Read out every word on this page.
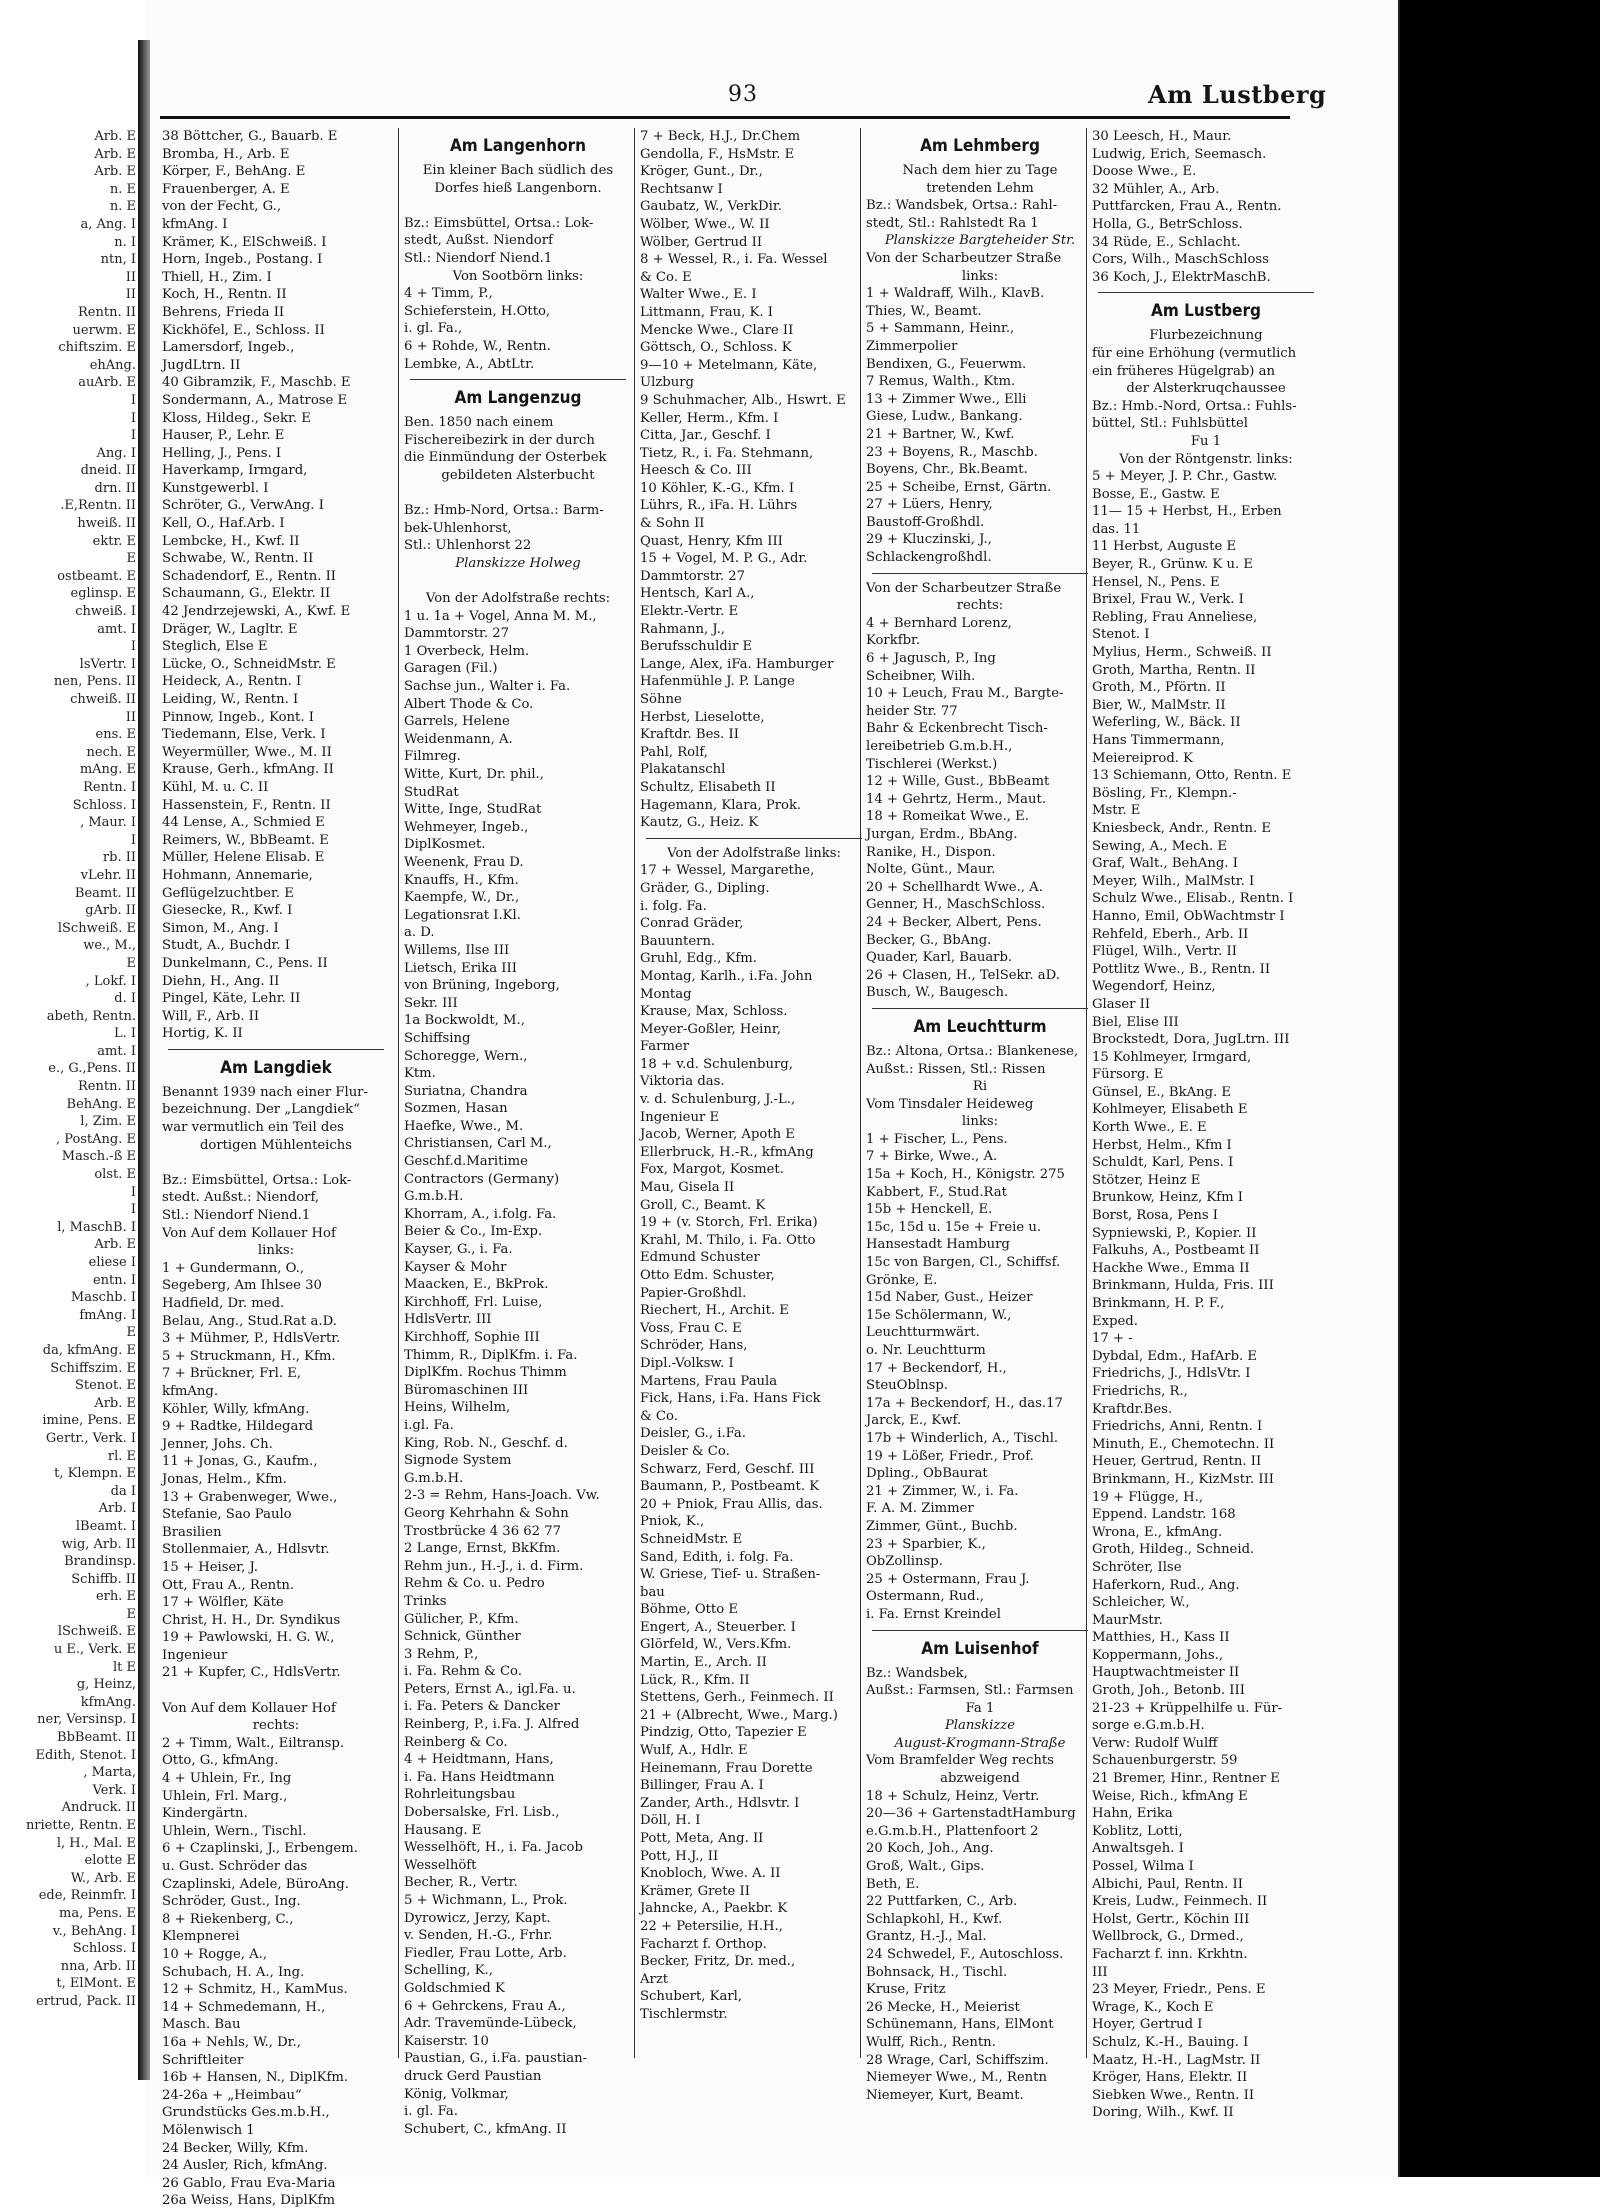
Arb. E
Arb. E
Arb. E
n. E
n. E
a, Ang. I
n. I
ntn, I
II
II
Rentn. II
uerwm. E
chiftszim. E
ehAng.
auArb. E
I
I
I
Ang. I
dneid. II
drn. II
.E,Rentn. II
hweiß. II
ektr. E
E
ostbeamt. E
eglinsp. E
chweiß. I
amt. I
I
lsVertr. I
nen, Pens. II
chweiß. II
II
ens. E
nech. E
mAng. E
Rentn. I
Schloss. I
, Maur. I
I
rb. II
vLehr. II
Beamt. II
gArb. II
lSchweiß. E
we., M.,
E
, Lokf. I
d. I
abeth, Rentn.
L. I
amt. I
e., G.,Pens. II
Rentn. II
BehAng. E
l, Zim. E
, PostAng. E
Masch.-ß E
olst. E
I
I
l, MaschB. I
Arb. E
eliese I
entn. I
Maschb. I
fmAng. I
E
da, kfmAng. E
Schiffszim. E
Stenot. E
Arb. E
imine, Pens. E
Gertr., Verk. I
rl. E
t, Klempn. E
da I
Arb. I
lBeamt. I
wig, Arb. II
Brandinsp.
Schiffb. II
erh. E
E
lSchweiß. E
u E., Verk. E
lt E
g, Heinz,
kfmAng.
ner, Versinsp. I
BbBeamt. II
Edith, Stenot. I
, Marta,
Verk. I
Andruck. II
nriette, Rentn. E
l, H., Mal. E
elotte E
W., Arb. E
ede, Reinmfr. I
ma, Pens. E
v., BehAng. I
Schloss. I
nna, Arb. II
t, ElMont. E
ertrud, Pack. II
93	Am Lustberg
38 Böttcher, G., Bauarb. E
Bromba, H., Arb. E
Körper, F., BehAng. E
Frauenberger, A. E
von der Fecht, G.,
kfmAng. I
Krämer, K., ElSchweiß. I
Horn, Ingeb., Postang. I
Thiell, H., Zim. I
Koch, H., Rentn. II
Behrens, Frieda II
Kickhöfel, E., Schloss. II
Lamersdorf, Ingeb.,
JugdLtrn. II
40 Gibramzik, F., Maschb. E
Sondermann, A., Matrose E
Kloss, Hildeg., Sekr. E
Hauser, P., Lehr. E
Helling, J., Pens. I
Haverkamp, Irmgard,
Kunstgewerbl. I
Schröter, G., VerwAng. I
Kell, O., Haf.Arb. I
Lembcke, H., Kwf. II
Schwabe, W., Rentn. II
Schadendorf, E., Rentn. II
Schaumann, G., Elektr. II
42 Jendrzejewski, A., Kwf. E
Dräger, W., Lagltr. E
Steglich, Else E
Lücke, O., SchneidMstr. E
Heideck, A., Rentn. I
Leiding, W., Rentn. I
Pinnow, Ingeb., Kont. I
Tiedemann, Else, Verk. I
Weyermüller, Wwe., M. II
Krause, Gerh., kfmAng. II
Kühl, M. u. C. II
Hassenstein, F., Rentn. II
44 Lense, A., Schmied E
Reimers, W., BbBeamt. E
Müller, Helene Elisab. E
Hohmann, Annemarie,
Geflügelzuchtber. E
Giesecke, R., Kwf. I
Simon, M., Ang. I
Studt, A., Buchdr. I
Dunkelmann, C., Pens. II
Diehn, H., Ang. II
Pingel, Käte, Lehr. II
Will, F., Arb. II
Hortig, K. II
Am Langdiek
Benannt 1939 nach einer Flur-
bezeichnung. Der „Langdiek“
war vermutlich ein Teil des
dortigen Mühlenteichs

Bz.: Eimsbüttel, Ortsa.: Lok-
stedt. Außst.: Niendorf,
Stl.: Niendorf Niend.1
Von Auf dem Kollauer Hof
links:
1 + Gundermann, O.,
Segeberg, Am Ihlsee 30
Hadfield, Dr. med.
Belau, Ang., Stud.Rat a.D.
3 + Mühmer, P., HdlsVertr.
5 + Struckmann, H., Kfm.
7 + Brückner, Frl. E,
kfmAng.
Köhler, Willy, kfmAng.
9 + Radtke, Hildegard
Jenner, Johs. Ch.
11 + Jonas, G., Kaufm.,
Jonas, Helm., Kfm.
13 + Grabenweger, Wwe.,
Stefanie, Sao Paulo
Brasilien
Stollenmaier, A., Hdlsvtr.
15 + Heiser, J.
Ott, Frau A., Rentn.
17 + Wölfler, Käte
Christ, H. H., Dr. Syndikus
19 + Pawlowski, H. G. W.,
Ingenieur
21 + Kupfer, C., HdlsVertr.

Von Auf dem Kollauer Hof
rechts:
2 + Timm, Walt., Eiltransp.
Otto, G., kfmAng.
4 + Uhlein, Fr., Ing
Uhlein, Frl. Marg.,
Kindergärtn.
Uhlein, Wern., Tischl.
6 + Czaplinski, J., Erbengem.
u. Gust. Schröder das
Czaplinski, Adele, BüroAng.
Schröder, Gust., Ing.
8 + Riekenberg, C.,
Klempnerei
10 + Rogge, A.,
Schubach, H. A., Ing.
12 + Schmitz, H., KamMus.
14 + Schmedemann, H.,
Masch. Bau
16a + Nehls, W., Dr.,
Schriftleiter
16b + Hansen, N., DiplKfm.
24-26a + „Heimbau“
Grundstücks Ges.m.b.H.,
Mölenwisch 1
24 Becker, Willy, Kfm.
24 Ausler, Rich, kfmAng.
26 Gablo, Frau Eva-Maria
26a Weiss, Hans, DiplKfm
Am Langenhorn
Ein kleiner Bach südlich des
Dorfes hieß Langenborn.

Bz.: Eimsbüttel, Ortsa.: Lok-
stedt, Außst. Niendorf
Stl.: Niendorf Niend.1
Von Sootbörn links:
4 + Timm, P.,
Schieferstein, H.Otto,
i. gl. Fa.,
6 + Rohde, W., Rentn.
Lembke, A., AbtLtr.
Am Langenzug
Ben. 1850 nach einem
Fischereibezirk in der durch
die Einmündung der Osterbek
gebildeten Alsterbucht

Bz.: Hmb-Nord, Ortsa.: Barm-
bek-Uhlenhorst,
Stl.: Uhlenhorst 22
Planskizze Holweg

Von der Adolfstraße rechts:
1 u. 1a + Vogel, Anna M. M.,
Dammtorstr. 27
1 Overbeck, Helm.
Garagen (Fil.)
Sachse jun., Walter i. Fa.
Albert Thode & Co.
Garrels, Helene
Weidenmann, A.
Filmreg.
Witte, Kurt, Dr. phil.,
StudRat
Witte, Inge, StudRat
Wehmeyer, Ingeb.,
DiplKosmet.
Weenenk, Frau D.
Knauffs, H., Kfm.
Kaempfe, W., Dr.,
Legationsrat I.Kl.
a. D.
Willems, Ilse III
Lietsch, Erika III
von Brüning, Ingeborg,
Sekr. III
1a Bockwoldt, M.,
Schiffsing
Schoregge, Wern.,
Ktm.
Suriatna, Chandra
Sozmen, Hasan
Haefke, Wwe., M.
Christiansen, Carl M.,
Geschf.d.Maritime
Contractors (Germany)
G.m.b.H.
Khorram, A., i.folg. Fa.
Beier & Co., Im-Exp.
Kayser, G., i. Fa.
Kayser & Mohr
Maacken, E., BkProk.
Kirchhoff, Frl. Luise,
HdlsVertr. III
Kirchhoff, Sophie III
Thimm, R., DiplKfm. i. Fa.
DiplKfm. Rochus Thimm
Büromaschinen III
Heins, Wilhelm,
i.gl. Fa.
King, Rob. N., Geschf. d.
Signode System
G.m.b.H.
2-3 = Rehm, Hans-Joach. Vw.
Georg Kehrhahn & Sohn
Trostbrücke 4 36 62 77
2 Lange, Ernst, BkKfm.
Rehm jun., H.-J., i. d. Firm.
Rehm & Co. u. Pedro
Trinks
Gülicher, P., Kfm.
Schnick, Günther
3 Rehm, P.,
i. Fa. Rehm & Co.
Peters, Ernst A., igl.Fa. u.
i. Fa. Peters & Dancker
Reinberg, P., i.Fa. J. Alfred
Reinberg & Co.
4 + Heidtmann, Hans,
i. Fa. Hans Heidtmann
Rohrleitungsbau
Dobersalske, Frl. Lisb.,
Hausang. E
Wesselhöft, H., i. Fa. Jacob
Wesselhöft
Becher, R., Vertr.
5 + Wichmann, L., Prok.
Dyrowicz, Jerzy, Kapt.
v. Senden, H.-G., Frhr.
Fiedler, Frau Lotte, Arb.
Schelling, K.,
Goldschmied K
6 + Gehrckens, Frau A.,
Adr. Travemünde-Lübeck,
Kaiserstr. 10
Paustian, G., i.Fa. paustian-
druck Gerd Paustian
König, Volkmar,
i. gl. Fa.
Schubert, C., kfmAng. II
7 + Beck, H.J., Dr.Chem
Gendolla, F., HsMstr. E
Kröger, Gunt., Dr.,
Rechtsanw I
Gaubatz, W., VerkDir.
Wölber, Wwe., W. II
Wölber, Gertrud II
8 + Wessel, R., i. Fa. Wessel
& Co. E
Walter Wwe., E. I
Littmann, Frau, K. I
Mencke Wwe., Clare II
Göttsch, O., Schloss. K
9—10 + Metelmann, Käte,
Ulzburg
9 Schuhmacher, Alb., Hswrt. E
Keller, Herm., Kfm. I
Citta, Jar., Geschf. I
Tietz, R., i. Fa. Stehmann,
Heesch & Co. III
10 Köhler, K.-G., Kfm. I
Lührs, R., iFa. H. Lührs
& Sohn II
Quast, Henry, Kfm III
15 + Vogel, M. P. G., Adr.
Dammtorstr. 27
Hentsch, Karl A.,
Elektr.-Vertr. E
Rahmann, J.,
Berufsschuldir E
Lange, Alex, iFa. Hamburger
Hafenmühle J. P. Lange
Söhne
Herbst, Lieselotte,
Kraftdr. Bes. II
Pahl, Rolf,
Plakatanschl
Schultz, Elisabeth II
Hagemann, Klara, Prok.
Kautz, G., Heiz. K
Von der Adolfstraße links:
17 + Wessel, Margarethe,
Gräder, G., Dipling.
i. folg. Fa.
Conrad Gräder,
Bauuntern.
Gruhl, Edg., Kfm.
Montag, Karlh., i.Fa. John
Montag
Krause, Max, Schloss.
Meyer-Goßler, Heinr,
Farmer
18 + v.d. Schulenburg,
Viktoria das.
v. d. Schulenburg, J.-L.,
Ingenieur E
Jacob, Werner, Apoth E
Ellerbruck, H.-R., kfmAng
Fox, Margot, Kosmet.
Mau, Gisela II
Groll, C., Beamt. K
19 + (v. Storch, Frl. Erika)
Krahl, M. Thilo, i. Fa. Otto
Edmund Schuster
Otto Edm. Schuster,
Papier-Großhdl.
Riechert, H., Archit. E
Voss, Frau C. E
Schröder, Hans,
Dipl.-Volksw. I
Martens, Frau Paula
Fick, Hans, i.Fa. Hans Fick
& Co.
Deisler, G., i.Fa.
Deisler & Co.
Schwarz, Ferd, Geschf. III
Baumann, P., Postbeamt. K
20 + Pniok, Frau Allis, das.
Pniok, K.,
SchneidMstr. E
Sand, Edith, i. folg. Fa.
W. Griese, Tief- u. Straßen-
bau
Böhme, Otto E
Engert, A., Steuerber. I
Glörfeld, W., Vers.Kfm.
Martin, E., Arch. II
Lück, R., Kfm. II
Stettens, Gerh., Feinmech. II
21 + (Albrecht, Wwe., Marg.)
Pindzig, Otto, Tapezier E
Wulf, A., Hdlr. E
Heinemann, Frau Dorette
Billinger, Frau A. I
Zander, Arth., Hdlsvtr. I
Döll, H. I
Pott, Meta, Ang. II
Pott, H.J., II
Knobloch, Wwe. A. II
Krämer, Grete II
Jahncke, A., Paekbr. K
22 + Petersilie, H.H.,
Facharzt f. Orthop.
Becker, Fritz, Dr. med.,
Arzt
Schubert, Karl,
Tischlermstr.
Am Lehmberg
Nach dem hier zu Tage
tretenden Lehm
Bz.: Wandsbek, Ortsa.: Rahl-
stedt, Stl.: Rahlstedt Ra 1
Planskizze Bargteheider Str.
Von der Scharbeutzer Straße
links:
1 + Waldraff, Wilh., KlavB.
Thies, W., Beamt.
5 + Sammann, Heinr.,
Zimmerpolier
Bendixen, G., Feuerwm.
7 Remus, Walth., Ktm.
13 + Zimmer Wwe., Elli
Giese, Ludw., Bankang.
21 + Bartner, W., Kwf.
23 + Boyens, R., Maschb.
Boyens, Chr., Bk.Beamt.
25 + Scheibe, Ernst, Gärtn.
27 + Lüers, Henry,
Baustoff-Großhdl.
29 + Kluczinski, J.,
Schlackengroßhdl.
Von der Scharbeutzer Straße
rechts:
4 + Bernhard Lorenz,
Korkfbr.
6 + Jagusch, P., Ing
Scheibner, Wilh.
10 + Leuch, Frau M., Bargte-
heider Str. 77
Bahr & Eckenbrecht Tisch-
lereibetrieb G.m.b.H.,
Tischlerei (Werkst.)
12 + Wille, Gust., BbBeamt
14 + Gehrtz, Herm., Maut.
18 + Romeikat Wwe., E.
Jurgan, Erdm., BbAng.
Ranike, H., Dispon.
Nolte, Günt., Maur.
20 + Schellhardt Wwe., A.
Genner, H., MaschSchloss.
24 + Becker, Albert, Pens.
Becker, G., BbAng.
Quader, Karl, Bauarb.
26 + Clasen, H., TelSekr. aD.
Busch, W., Baugesch.
Am Leuchtturm
Bz.: Altona, Ortsa.: Blankenese,
Außst.: Rissen, Stl.: Rissen
Ri
Vom Tinsdaler Heideweg
links:
1 + Fischer, L., Pens.
7 + Birke, Wwe., A.
15a + Koch, H., Königstr. 275
Kabbert, F., Stud.Rat
15b + Henckell, E.
15c, 15d u. 15e + Freie u.
Hansestadt Hamburg
15c von Bargen, Cl., Schiffsf.
Grönke, E.
15d Naber, Gust., Heizer
15e Schölermann, W.,
Leuchtturmwärt.
o. Nr. Leuchtturm
17 + Beckendorf, H.,
SteuOblnsp.
17a + Beckendorf, H., das.17
Jarck, E., Kwf.
17b + Winderlich, A., Tischl.
19 + Lößer, Friedr., Prof.
Dpling., ObBaurat
21 + Zimmer, W., i. Fa.
F. A. M. Zimmer
Zimmer, Günt., Buchb.
23 + Sparbier, K.,
ObZollinsp.
25 + Ostermann, Frau J.
Ostermann, Rud.,
i. Fa. Ernst Kreindel
Am Luisenhof
Bz.: Wandsbek,
Außst.: Farmsen, Stl.: Farmsen
Fa 1
Planskizze
August-Krogmann-Straße
Vom Bramfelder Weg rechts
abzweigend
18 + Schulz, Heinz, Vertr.
20—36 + GartenstadtHamburg
e.G.m.b.H., Plattenfoort 2
20 Koch, Joh., Ang.
Groß, Walt., Gips.
Beth, E.
22 Puttfarken, C., Arb.
Schlapkohl, H., Kwf.
Grantz, H.-J., Mal.
24 Schwedel, F., Autoschloss.
Bohnsack, H., Tischl.
Kruse, Fritz
26 Mecke, H., Meierist
Schünemann, Hans, ElMont
Wulff, Rich., Rentn.
28 Wrage, Carl, Schiffszim.
Niemeyer Wwe., M., Rentn
Niemeyer, Kurt, Beamt.
30 Leesch, H., Maur.
Ludwig, Erich, Seemasch.
Doose Wwe., E.
32 Mühler, A., Arb.
Puttfarcken, Frau A., Rentn.
Holla, G., BetrSchloss.
34 Rüde, E., Schlacht.
Cors, Wilh., MaschSchloss
36 Koch, J., ElektrMaschB.
Am Lustberg
Flurbezeichnung
für eine Erhöhung (vermutlich
ein früheres Hügelgrab) an
der Alsterkruqchaussee
Bz.: Hmb.-Nord, Ortsa.: Fuhls-
büttel, Stl.: Fuhlsbüttel
Fu 1
Von der Röntgenstr. links:
5 + Meyer, J. P. Chr., Gastw.
Bosse, E., Gastw. E
11— 15 + Herbst, H., Erben
das. 11
11 Herbst, Auguste E
Beyer, R., Grünw. K u. E
Hensel, N., Pens. E
Brixel, Frau W., Verk. I
Rebling, Frau Anneliese,
Stenot. I
Mylius, Herm., Schweiß. II
Groth, Martha, Rentn. II
Groth, M., Pförtn. II
Bier, W., MalMstr. II
Weferling, W., Bäck. II
Hans Timmermann,
Meiereiprod. K
13 Schiemann, Otto, Rentn. E
Bösling, Fr., Klempn.-
Mstr. E
Kniesbeck, Andr., Rentn. E
Sewing, A., Mech. E
Graf, Walt., BehAng. I
Meyer, Wilh., MalMstr. I
Schulz Wwe., Elisab., Rentn. I
Hanno, Emil, ObWachtmstr I
Rehfeld, Eberh., Arb. II
Flügel, Wilh., Vertr. II
Pottlitz Wwe., B., Rentn. II
Wegendorf, Heinz,
Glaser II
Biel, Elise III
Brockstedt, Dora, JugLtrn. III
15 Kohlmeyer, Irmgard,
Fürsorg. E
Günsel, E., BkAng. E
Kohlmeyer, Elisabeth E
Korth Wwe., E. E
Herbst, Helm., Kfm I
Schuldt, Karl, Pens. I
Stötzer, Heinz E
Brunkow, Heinz, Kfm I
Borst, Rosa, Pens I
Sypniewski, P., Kopier. II
Falkuhs, A., Postbeamt II
Hackhe Wwe., Emma II
Brinkmann, Hulda, Fris. III
Brinkmann, H. P. F.,
Exped.
17 + -
Dybdal, Edm., HafArb. E
Friedrichs, J., HdlsVtr. I
Friedrichs, R.,
Kraftdr.Bes.
Friedrichs, Anni, Rentn. I
Minuth, E., Chemotechn. II
Heuer, Gertrud, Rentn. II
Brinkmann, H., KizMstr. III
19 + Flügge, H.,
Eppend. Landstr. 168
Wrona, E., kfmAng.
Groth, Hildeg., Schneid.
Schröter, Ilse
Haferkorn, Rud., Ang.
Schleicher, W.,
MaurMstr.
Matthies, H., Kass II
Koppermann, Johs.,
Hauptwachtmeister II
Groth, Joh., Betonb. III
21-23 + Krüppelhilfe u. Für-
sorge e.G.m.b.H.
Verw: Rudolf Wulff
Schauenburgerstr. 59
21 Bremer, Hinr., Rentner E
Weise, Rich., kfmAng E
Hahn, Erika
Koblitz, Lotti,
Anwaltsgeh. I
Possel, Wilma I
Albichi, Paul, Rentn. II
Kreis, Ludw., Feinmech. II
Holst, Gertr., Köchin III
Wellbrock, G., Drmed.,
Facharzt f. inn. Krkhtn.
III
23 Meyer, Friedr., Pens. E
Wrage, K., Koch E
Hoyer, Gertrud I
Schulz, K.-H., Bauing. I
Maatz, H.-H., LagMstr. II
Kröger, Hans, Elektr. II
Siebken Wwe., Rentn. II
Doring, Wilh., Kwf. II
